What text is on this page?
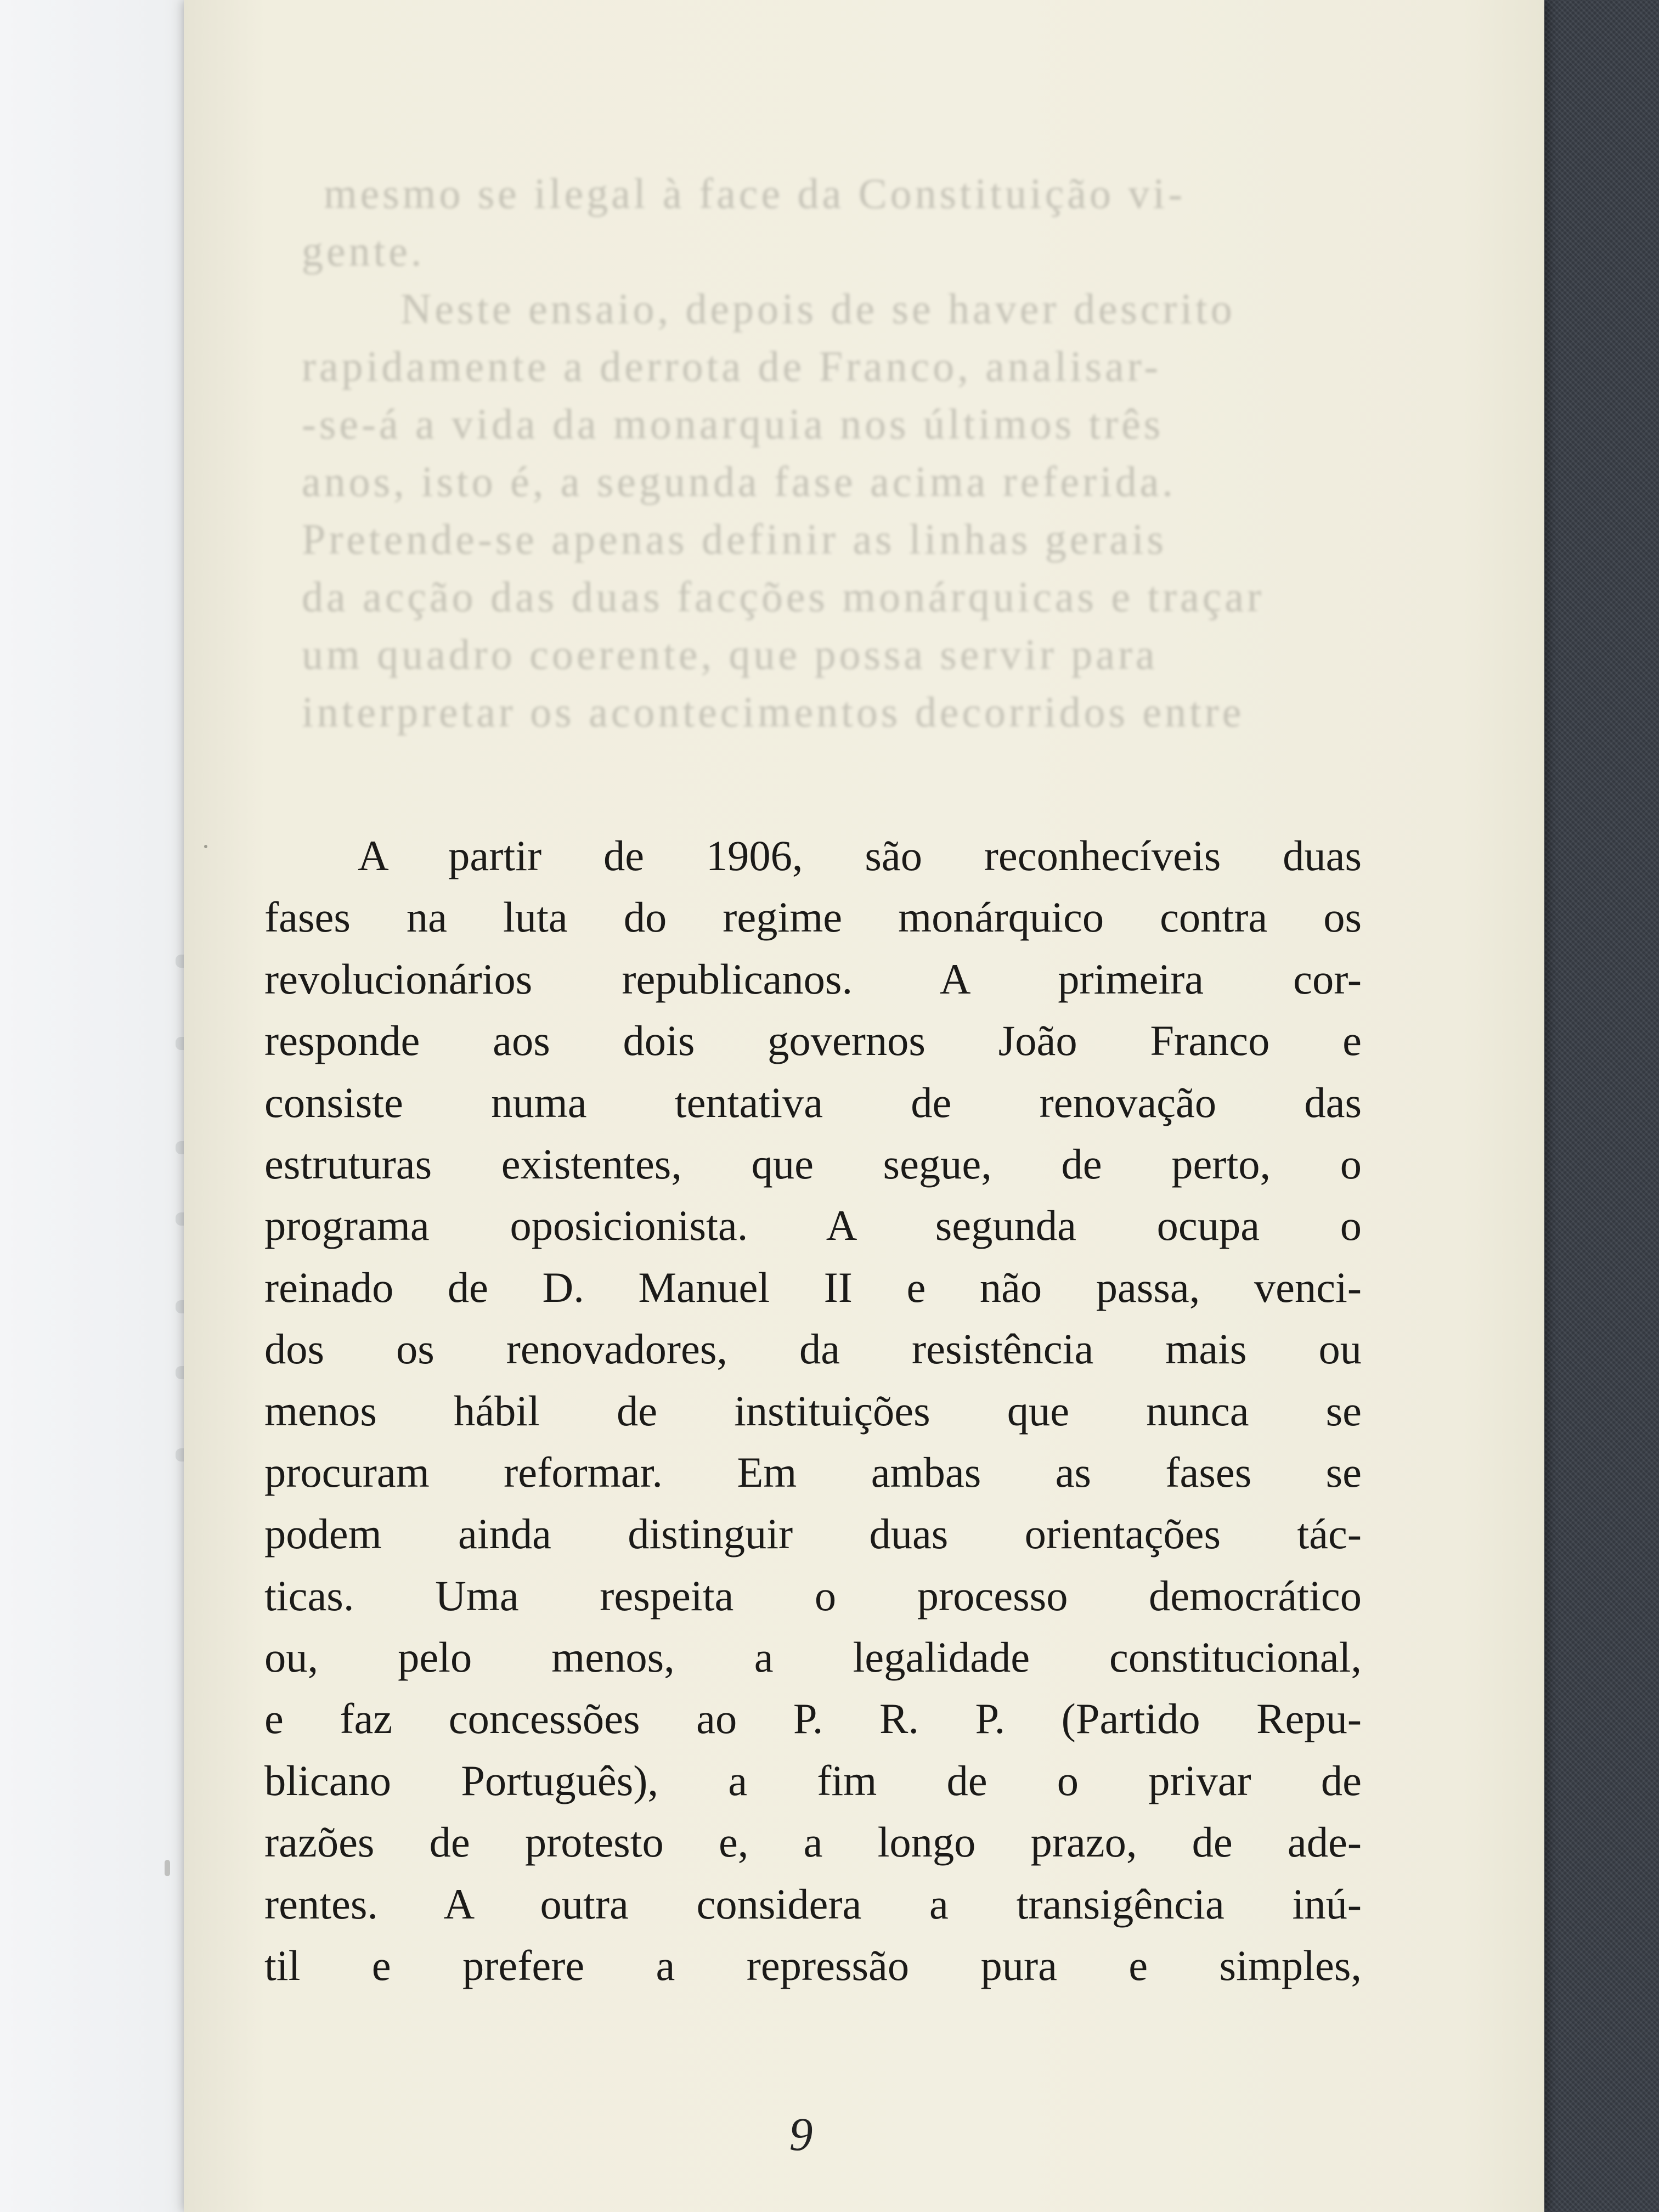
mesmo se ilegal à face da Constituição vi-
gente.
Neste ensaio, depois de se haver descrito
rapidamente a derrota de Franco, analisar-
-se-á a vida da monarquia nos últimos três
anos, isto é, a segunda fase acima referida.
Pretende-se apenas definir as linhas gerais
da acção das duas facções monárquicas e traçar
um quadro coerente, que possa servir para
interpretar os acontecimentos decorridos entre
A partir de 1906, são reconhecíveis duas
fases na luta do regime monárquico contra os
revolucionários republicanos. A primeira cor-
responde aos dois governos João Franco e
consiste numa tentativa de renovação das
estruturas existentes, que segue, de perto, o
programa oposicionista. A segunda ocupa o
reinado de D. Manuel II e não passa, venci-
dos os renovadores, da resistência mais ou
menos hábil de instituições que nunca se
procuram reformar. Em ambas as fases se
podem ainda distinguir duas orientações tác-
ticas. Uma respeita o processo democrático
ou, pelo menos, a legalidade constitucional,
e faz concessões ao P. R. P. (Partido Repu-
blicano Português), a fim de o privar de
razões de protesto e, a longo prazo, de ade-
rentes. A outra considera a transigência inú-
til e prefere a repressão pura e simples,
9
